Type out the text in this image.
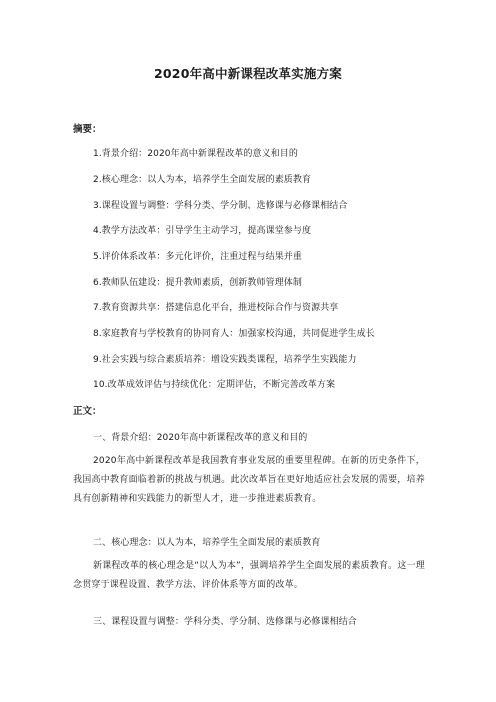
2020年高中新课程改革实施方案
摘要：
1.背景介绍：2020年高中新课程改革的意义和目的
2.核心理念：以人为本，培养学生全面发展的素质教育
3.课程设置与调整：学科分类、学分制、选修课与必修课相结合
4.教学方法改革：引导学生主动学习，提高课堂参与度
5.评价体系改革：多元化评价，注重过程与结果并重
6.教师队伍建设：提升教师素质，创新教师管理体制
7.教育资源共享：搭建信息化平台，推进校际合作与资源共享
8.家庭教育与学校教育的协同育人：加强家校沟通，共同促进学生成长
9.社会实践与综合素质培养：增设实践类课程，培养学生实践能力
10.改革成效评估与持续优化：定期评估，不断完善改革方案
正文：
一、背景介绍：2020年高中新课程改革的意义和目的
2020年高中新课程改革是我国教育事业发展的重要里程碑。在新的历史条件下，我国高中教育面临着新的挑战与机遇。此次改革旨在更好地适应社会发展的需要，培养具有创新精神和实践能力的新型人才，进一步推进素质教育。
二、核心理念：以人为本，培养学生全面发展的素质教育
新课程改革的核心理念是“以人为本”，强调培养学生全面发展的素质教育。这一理念贯穿于课程设置、教学方法、评价体系等方面的改革。
三、课程设置与调整：学科分类、学分制、选修课与必修课相结合
